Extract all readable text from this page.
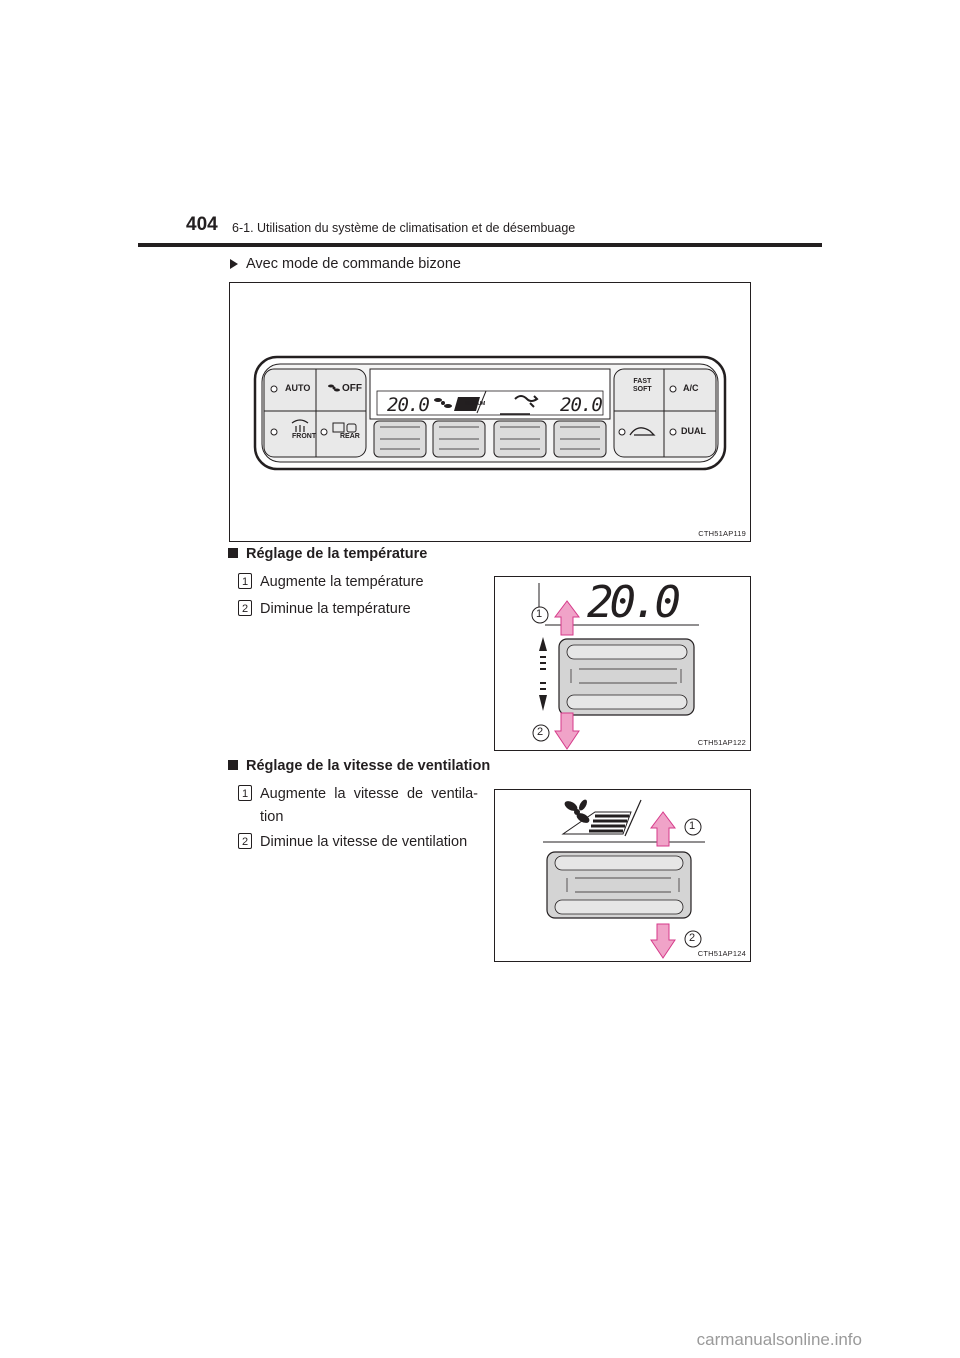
404 6-1. Utilisation du système de climatisation et de désembuage
Avec mode de commande bizone
AUTO	OFF
FAST
SOFT	A/C
FRONT	REAR
DUAL
20.0	20.0
MEDIUM
CTH51AP119
Réglage de la température
1 Augmente la température
2 Diminue la température	20.0
1
2
CTH51AP122
Réglage de la vitesse de ventilation
1 Augmente la vitesse de ventila-
tion
2 Diminue la vitesse de ventilation
1
2
CTH51AP124
carmanualsonline.info
